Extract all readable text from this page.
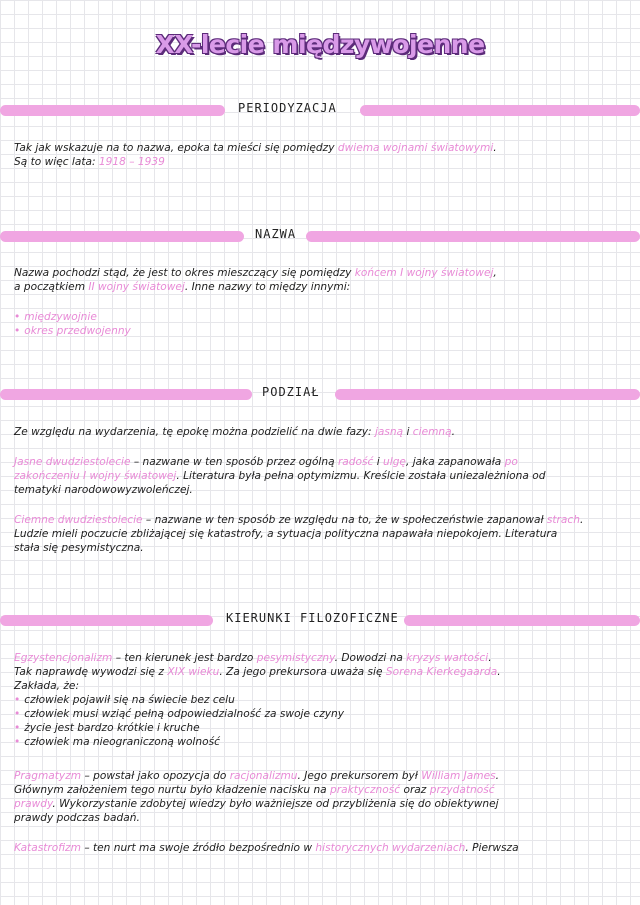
XX-lecie międzywojenne
PERIODYZACJA
Tak jak wskazuje na to nazwa, epoka ta mieści się pomiędzy dwiema wojnami światowymi.
Są to więc lata: 1918 – 1939
NAZWA
Nazwa pochodzi stąd, że jest to okres mieszczący się pomiędzy końcem I wojny światowej,
a początkiem II wojny światowej. Inne nazwy to między innymi:
• międzywojnie
• okres przedwojenny
PODZIAŁ
Ze względu na wydarzenia, tę epokę można podzielić na dwie fazy: jasną i ciemną.
Jasne dwudziestolecie – nazwane w ten sposób przez ogólną radość i ulgę, jaka zapanowała po
zakończeniu I wojny światowej. Literatura była pełna optymizmu. Kreślcie została uniezależniona od
tematyki narodowowyzwoleńczej.
Ciemne dwudziestolecie – nazwane w ten sposób ze względu na to, że w społeczeństwie zapanował strach.
Ludzie mieli poczucie zbliżającej się katastrofy, a sytuacja polityczna napawała niepokojem. Literatura
stała się pesymistyczna.
KIERUNKI FILOZOFICZNE
Egzystencjonalizm – ten kierunek jest bardzo pesymistyczny. Dowodzi na kryzys wartości.
Tak naprawdę wywodzi się z XIX wieku. Za jego prekursora uważa się Sorena Kierkegaarda.
Zakłada, że:
• człowiek pojawił się na świecie bez celu
• człowiek musi wziąć pełną odpowiedzialność za swoje czyny
• życie jest bardzo krótkie i kruche
• człowiek ma nieograniczoną wolność
Pragmatyzm – powstał jako opozycja do racjonalizmu. Jego prekursorem był William James.
Głównym założeniem tego nurtu było kładzenie nacisku na praktyczność oraz przydatność
prawdy. Wykorzystanie zdobytej wiedzy było ważniejsze od przybliżenia się do obiektywnej
prawdy podczas badań.
Katastrofizm – ten nurt ma swoje źródło bezpośrednio w historycznych wydarzeniach. Pierwsza
